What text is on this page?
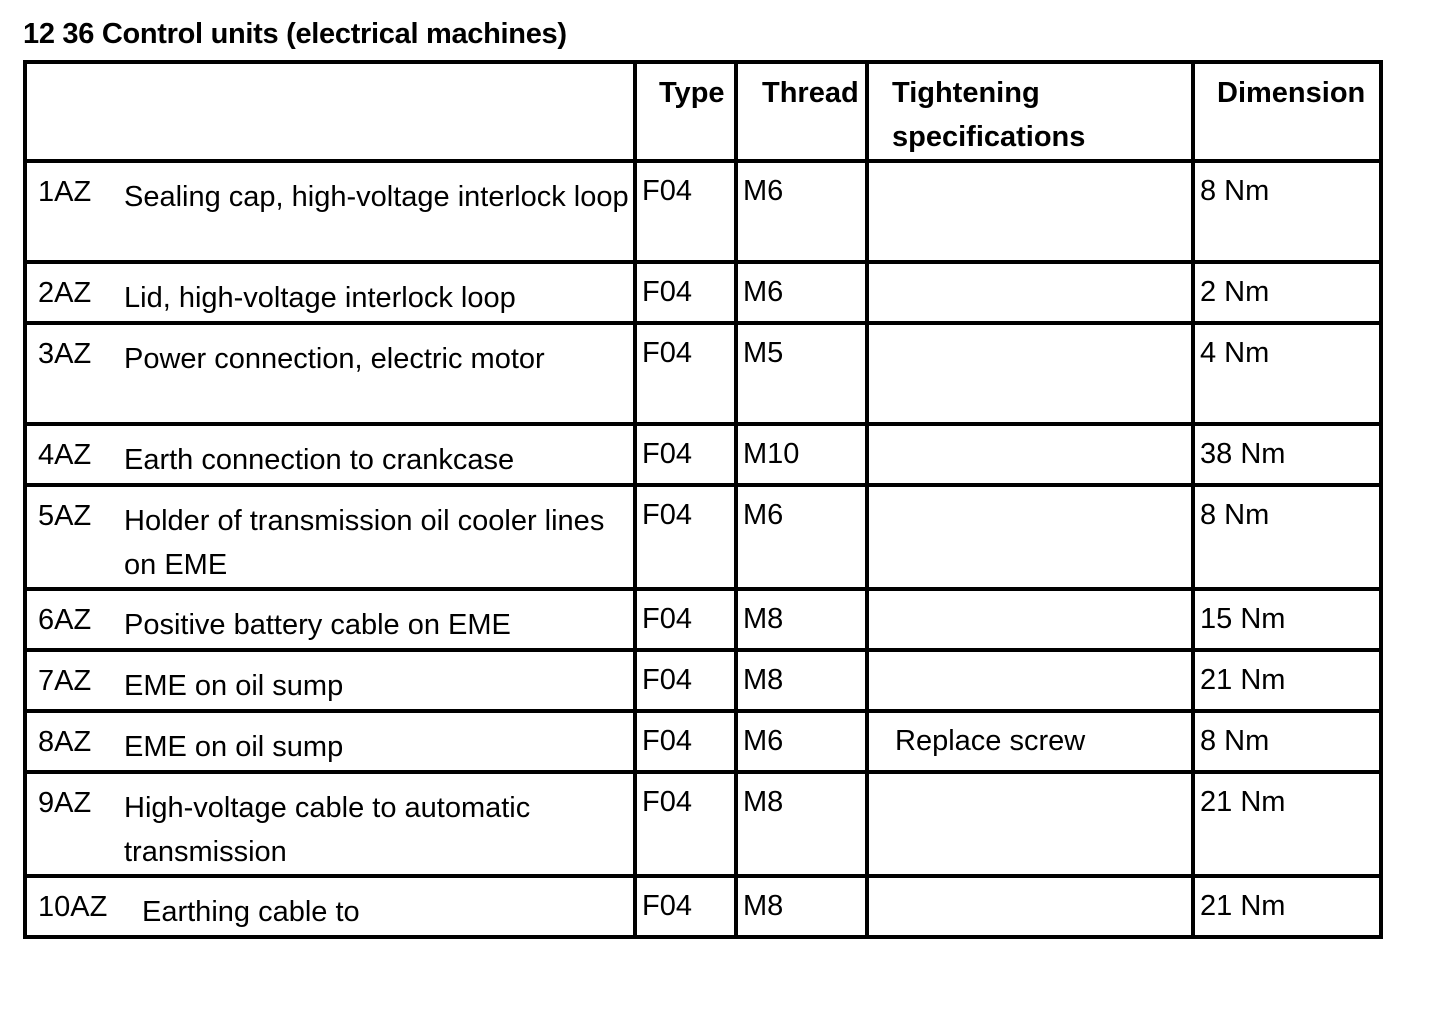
12 36 Control units (electrical machines)
	Type	Thread	Tightening specifications	Dimension

1AZ Sealing cap, high-voltage interlock loop	F04	M6		8 Nm

2AZ Lid, high-voltage interlock loop	F04	M6		2 Nm

3AZ Power connection, electric motor	F04	M5		4 Nm

4AZ Earth connection to crankcase	F04	M10		38 Nm

5AZ Holder of transmission oil cooler lines on EME	F04	M6		8 Nm

6AZ Positive battery cable on EME	F04	M8		15 Nm

7AZ EME on oil sump	F04	M8		21 Nm

8AZ EME on oil sump	F04	M6	Replace screw	8 Nm

9AZ High-voltage cable to automatic transmission	F04	M8		21 Nm

10AZ Earthing cable to	F04	M8		21 Nm
